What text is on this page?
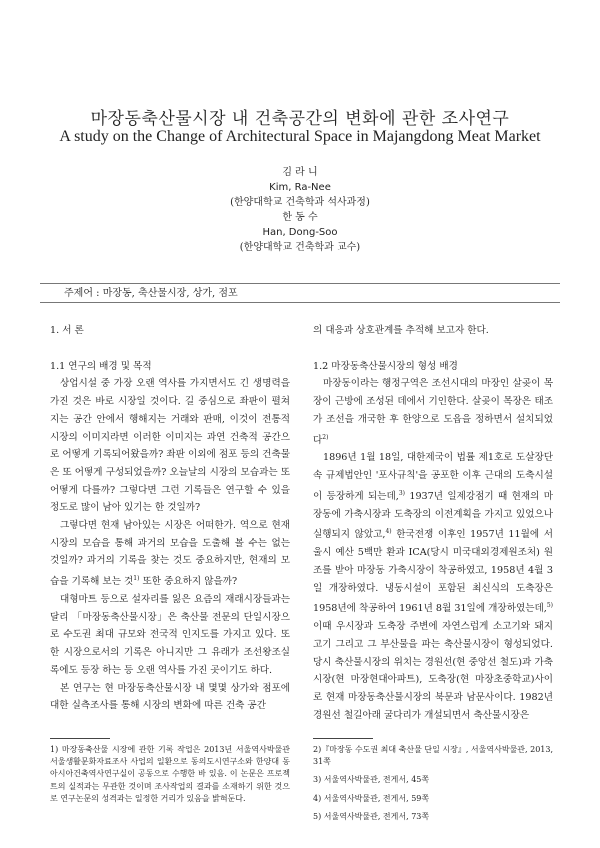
마장동축산물시장 내 건축공간의 변화에 관한 조사연구
A study on the Change of Architectural Space in Majangdong Meat Market
김 라 니
Kim, Ra-Nee
(한양대학교 건축학과 석사과정)
한 동 수
Han, Dong-Soo
(한양대학교 건축학과 교수)
주제어 : 마장동, 축산물시장, 상가, 점포

1. 서 론

1.1 연구의 배경 및 목적

상업시설 중 가장 오랜 역사를 가지면서도 긴 생명력을 가진 것은 바로 시장일 것이다. 길 중심으로 좌판이 펼쳐지는 공간 안에서 행해지는 거래와 판매, 이것이 전통적 시장의 이미지라면 이러한 이미지는 과연 건축적 공간으로 어떻게 기록되어왔을까? 좌판 이외에 점포 등의 건축물은 또 어떻게 구성되었을까? 오늘날의 시장의 모습과는 또 어떻게 다를까? 그렇다면 그런 기록들은 연구할 수 있을 정도로 많이 남아 있기는 한 것일까?

그렇다면 현재 남아있는 시장은 어떠한가. 역으로 현재 시장의 모습을 통해 과거의 모습을 도출해 볼 수는 없는 것일까? 과거의 기록을 찾는 것도 중요하지만, 현재의 모습을 기록해 보는 것$^{1)}$ 또한 중요하지 않을까?

대형마트 등으로 설자리를 잃은 요즘의 재래시장들과는 달리 「마장동축산물시장」은 축산물 전문의 단일시장으로 수도권 최대 규모와 전국적 인지도를 가지고 있다. 또한 시장으로서의 기록은 아니지만 그 유래가 조선왕조실록에도 등장 하는 등 오랜 역사를 가진 곳이기도 하다.

본 연구는 현 마장동축산물시장 내 몇몇 상가와 점포에 대한 실측조사를 통해 시장의 변화에 따른 건축 공간

1) 마장동축산물 시장에 관한 기록 작업은 2013년 서울역사박물관 서울생활문화자료조사 사업의 일환으로 동의도시연구소와 한양대 동아시아건축역사연구실이 공동으로 수행한 바 있음. 이 논문은 프로젝트의 실적과는 무관한 것이며 조사작업의 결과를 소재하기 위한 것으로 연구논문의 성격과는 일정한 거리가 있음을 밝혀둔다.

의 대응과 상호관계를 추적해 보고자 한다.

1.2 마장동축산물시장의 형성 배경

마장동이라는 행정구역은 조선시대의 마장인 살곶이 목장이 근방에 조성된 데에서 기인한다. 살곶이 목장은 태조가 조선을 개국한 후 한양으로 도읍을 정하면서 설치되었다$^{2)}$

1896년 1월 18일, 대한제국이 법률 제1호로 도살장단속 규제법안인 '포사규칙'을 공포한 이후 근대의 도축시설이 등장하게 되는데,$^{3)}$ 1937년 일제강점기 때 현재의 마장동에 가축시장과 도축장의 이전계획을 가지고 있었으나 실행되지 않았고,$^{4)}$ 한국전쟁 이후인 1957년 11월에 서울시 예산 5백만 환과 ICA(당시 미국대외경제원조처) 원조를 받아 마장동 가축시장이 착공하였고, 1958년 4월 3일 개장하였다. 냉동시설이 포함된 최신식의 도축장은 1958년에 착공하여 1961년 8월 31일에 개장하였는데,$^{5)}$ 이때 우시장과 도축장 주변에 자연스럽게 소고기와 돼지고기 그리고 그 부산물을 파는 축산물시장이 형성되었다. 당시 축산물시장의 위치는 경원선(현 중앙선 철도)과 가축시장(현 마장현대아파트), 도축장(현 마장초중학교)사이로 현재 마장동축산물시장의 북문과 남문사이다. 1982년 경원선 철길아래 굴다리가 개설되면서 축산물시장은

2)『마장동 수도권 최대 축산물 단일 시장』, 서울역사박물관, 2013, 31쪽

3) 서울역사박물관, 전게서, 45쪽

4) 서울역사박물관, 전게서, 59쪽

5) 서울역사박물관, 전게서, 73쪽
